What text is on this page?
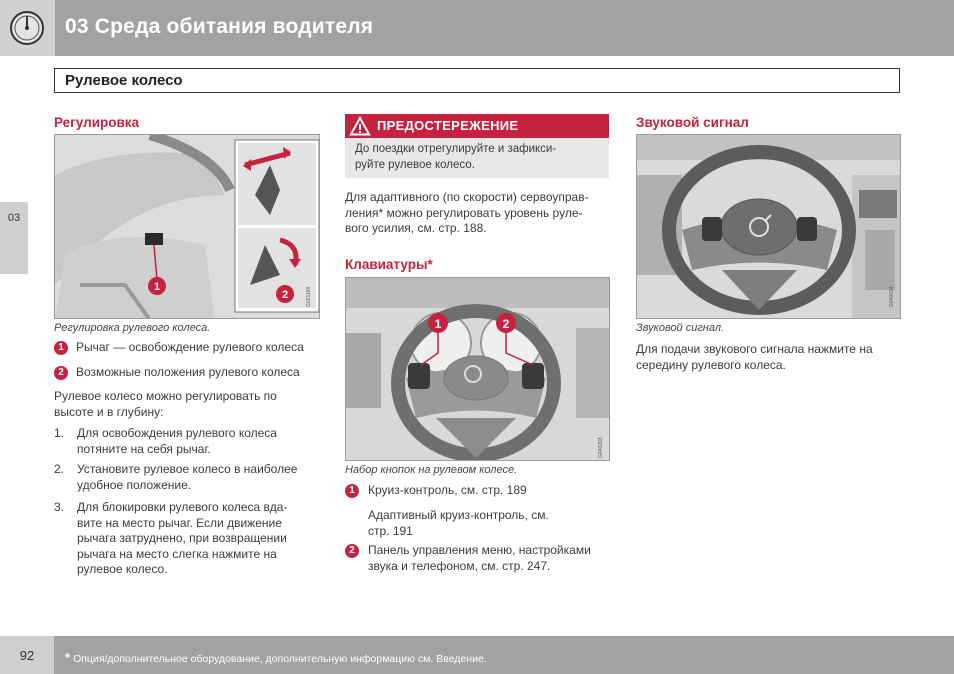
03 Среда обитания водителя
03
Рулевое колесо
Регулировка
1
2	G021166
Регулировка рулевого колеса.
1	Рычаг — освобождение рулевого колеса
2	Возможные положения рулевого колеса
Рулевое колесо можно регулировать по
высоте и в глубину:
1. Для освобождения рулевого колеса
потяните на себя рычаг.
2. Установите рулевое колесо в наиболее
удобное положение.
3. Для блокировки рулевого колеса вда-
вите на место рычаг. Если движение
рычага затруднено, при возвращении
рычага на место слегка нажмите на
рулевое колесо.
ПРЕДОСТЕРЕЖЕНИЕ
До поездки отрегулируйте и зафикси-
руйте рулевое колесо.
Для адаптивного (по скорости) сервоуправ-
ления* можно регулировать уровень руле-
вого усилия, см. стр. 188.
Клавиатуры*
1	2
G040293
Набор кнопок на рулевом колесе.
1	Круиз-контроль, см. стр. 189
Адаптивный круиз-контроль, см.
стр. 191
2	Панель управления меню, настройками
звука и телефоном, см. стр. 247.
Звуковой сигнал
G040034
Звуковой сигнал.
Для подачи звукового сигнала нажмите на
середину рулевого колеса.
92	* Опция/дополнительное оборудование, дополнительную информацию см. Введение.
